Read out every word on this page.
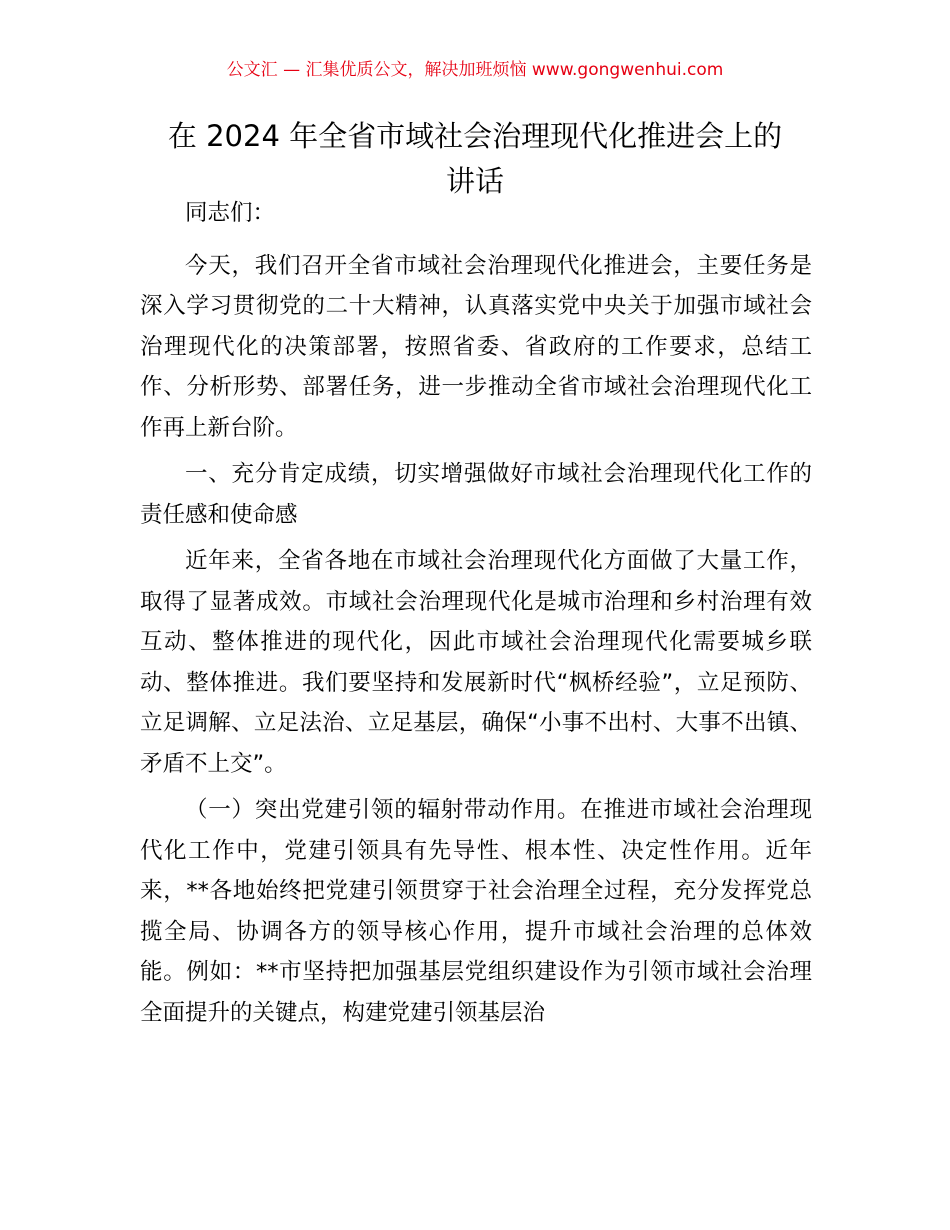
公文汇 — 汇集优质公文，解决加班烦恼 www.gongwenhui.com
在 2024 年全省市域社会治理现代化推进会上的
讲话

同志们：

今天，我们召开全省市域社会治理现代化推进会，主要任务是深入学习贯彻党的二十大精神，认真落实党中央关于加强市域社会治理现代化的决策部署，按照省委、省政府的工作要求，总结工作、分析形势、部署任务，进一步推动全省市域社会治理现代化工作再上新台阶。

一、充分肯定成绩，切实增强做好市域社会治理现代化工作的责任感和使命感

近年来，全省各地在市域社会治理现代化方面做了大量工作，取得了显著成效。市域社会治理现代化是城市治理和乡村治理有效互动、整体推进的现代化，因此市域社会治理现代化需要城乡联动、整体推进。我们要坚持和发展新时代“枫桥经验”，立足预防、立足调解、立足法治、立足基层，确保“小事不出村、大事不出镇、矛盾不上交”。

（一）突出党建引领的辐射带动作用。在推进市域社会治理现代化工作中，党建引领具有先导性、根本性、决定性作用。近年来，**各地始终把党建引领贯穿于社会治理全过程，充分发挥党总揽全局、协调各方的领导核心作用，提升市域社会治理的总体效能。例如：**市坚持把加强基层党组织建设作为引领市域社会治理全面提升的关键点，构建党建引领基层治
